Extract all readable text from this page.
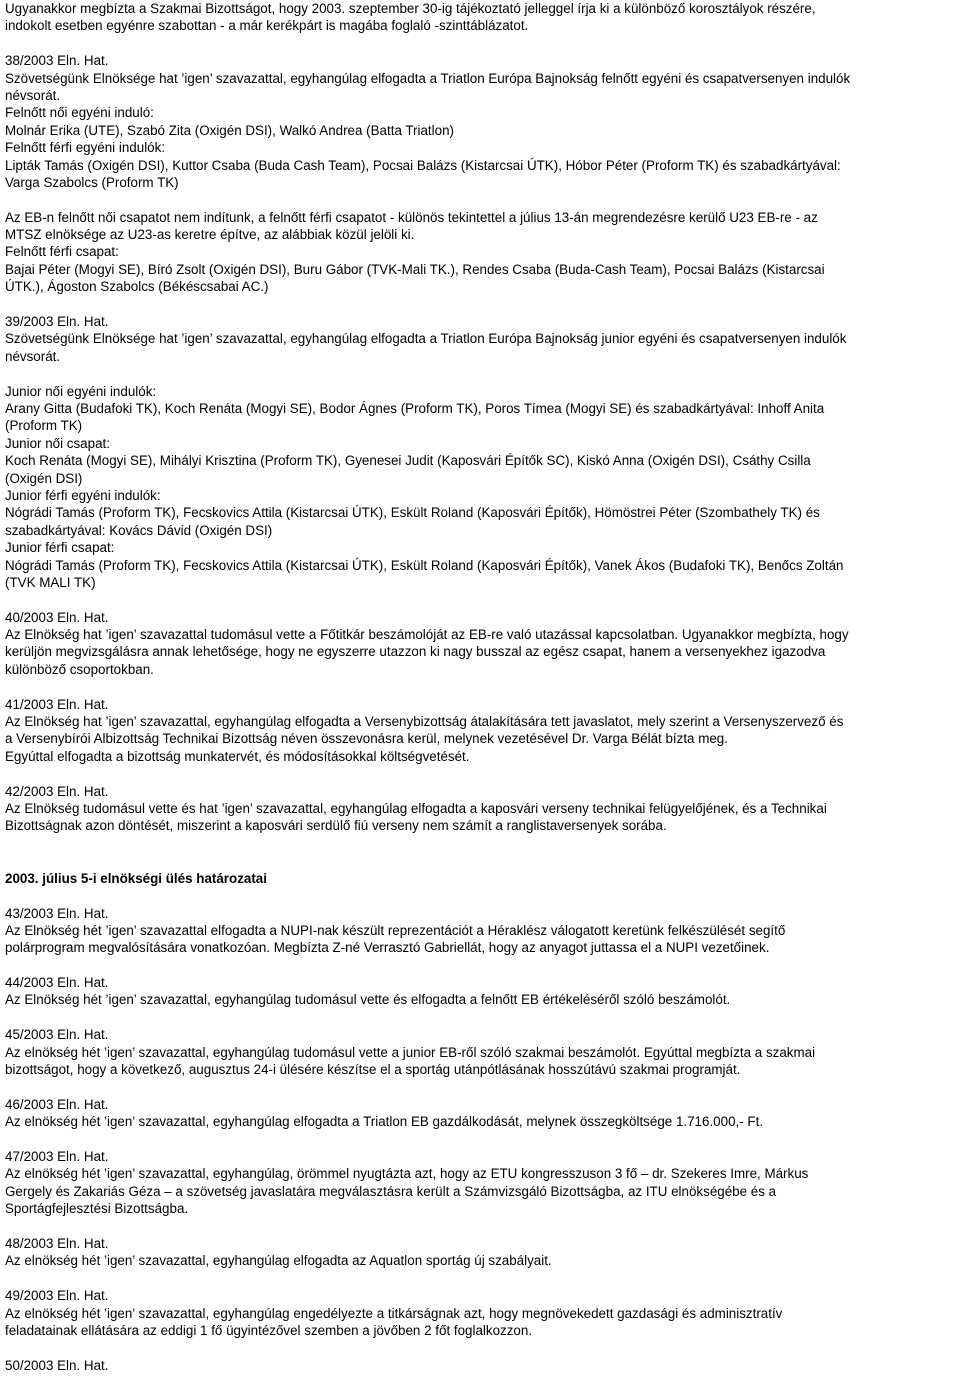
Ugyanakkor megbízta a Szakmai Bizottságot, hogy 2003. szeptember 30-ig tájékoztató jelleggel írja ki a különböző korosztályok részére,
indokolt esetben egyénre szabottan - a már kerékpárt is magába foglaló -szinttáblázatot.
38/2003 Eln. Hat.
Szövetségünk Elnöksége hat ’igen’ szavazattal, egyhangúlag elfogadta a Triatlon Európa Bajnokság felnőtt egyéni és csapatversenyen indulók
névsorát.
Felnőtt női egyéni induló:
Molnár Erika (UTE), Szabó Zita (Oxigén DSI), Walkó Andrea (Batta Triatlon)
Felnőtt férfi egyéni indulók:
Lipták Tamás (Oxigén DSI), Kuttor Csaba (Buda Cash Team), Pocsai Balázs (Kistarcsai ÚTK), Hóbor Péter (Proform TK) és szabadkártyával:
Varga Szabolcs (Proform TK)
Az EB-n felnőtt női csapatot nem indítunk, a felnőtt férfi csapatot - különös tekintettel a július 13-án megrendezésre kerülő U23 EB-re - az
MTSZ elnöksége az U23-as keretre építve, az alábbiak közül jelöli ki.
Felnőtt férfi csapat:
Bajai Péter (Mogyi SE), Bíró Zsolt (Oxigén DSI), Buru Gábor (TVK-Mali TK.), Rendes Csaba (Buda-Cash Team), Pocsai Balázs (Kistarcsai
ÚTK.), Ágoston Szabolcs (Békéscsabai AC.)
39/2003 Eln. Hat.
Szövetségünk Elnöksége hat ’igen’ szavazattal, egyhangúlag elfogadta a Triatlon Európa Bajnokság junior egyéni és csapatversenyen indulók
névsorát.
Junior női egyéni indulók:
Arany Gitta (Budafoki TK), Koch Renáta (Mogyi SE), Bodor Ágnes (Proform TK), Poros Tímea (Mogyi SE) és szabadkártyával: Inhoff Anita
(Proform TK)
Junior női csapat:
Koch Renáta (Mogyi SE), Mihályi Krisztina (Proform TK), Gyenesei Judit (Kaposvári Építők SC), Kiskó Anna (Oxigén DSI), Csáthy Csilla
(Oxigén DSI)
Junior férfi egyéni indulók:
Nógrádi Tamás (Proform TK), Fecskovics Attila (Kistarcsai ÚTK), Eskült Roland (Kaposvári Építők), Hömöstrei Péter (Szombathely TK) és
szabadkártyával: Kovács Dávid (Oxigén DSI)
Junior férfi csapat:
Nógrádi Tamás (Proform TK), Fecskovics Attila (Kistarcsai ÚTK), Eskült Roland (Kaposvári Építők), Vanek Ákos (Budafoki TK), Benőcs Zoltán
(TVK MALI TK)
40/2003 Eln. Hat.
Az Elnökség hat ’igen’ szavazattal tudomásul vette a Főtitkár beszámolóját az EB-re való utazással kapcsolatban. Ugyanakkor megbízta, hogy
kerüljön megvizsgálásra annak lehetősége, hogy ne egyszerre utazzon ki nagy busszal az egész csapat, hanem a versenyekhez igazodva
különböző csoportokban.
41/2003 Eln. Hat.
Az Elnökség hat ’igen’ szavazattal, egyhangúlag elfogadta a Versenybizottság átalakítására tett javaslatot, mely szerint a Versenyszervező és
a Versenybírói Albizottság Technikai Bizottság néven összevonásra kerül, melynek vezetésével Dr. Varga Bélát bízta meg.
Egyúttal elfogadta a bizottság munkatervét, és módosításokkal költségvetését.
42/2003 Eln. Hat.
Az Elnökség tudomásul vette és hat ’igen’ szavazattal, egyhangúlag elfogadta a kaposvári verseny technikai felügyelőjének, és a Technikai
Bizottságnak azon döntését, miszerint a kaposvári serdülő fiú verseny nem számít a ranglistaversenyek sorába.
2003. július 5-i elnökségi ülés határozatai
43/2003 Eln. Hat.
Az Elnökség hét ’igen’ szavazattal elfogadta a NUPI-nak készült reprezentációt a Héraklész válogatott keretünk felkészülését segítő
polárprogram megvalósítására vonatkozóan. Megbízta Z-né Verrasztó Gabriellát, hogy az anyagot juttassa el a NUPI vezetőinek.
44/2003 Eln. Hat.
Az Elnökség hét ’igen’ szavazattal, egyhangúlag tudomásul vette és elfogadta a felnőtt EB értékeléséről szóló beszámolót.
45/2003 Eln. Hat.
Az elnökség hét ’igen’ szavazattal, egyhangúlag tudomásul vette a junior EB-ről szóló szakmai beszámolót. Egyúttal megbízta a szakmai
bizottságot, hogy a következő, augusztus 24-i ülésére készítse el a sportág utánpótlásának hosszútávú szakmai programját.
46/2003 Eln. Hat.
Az elnökség hét ’igen’ szavazattal, egyhangúlag elfogadta a Triatlon EB gazdálkodását, melynek összegköltsége 1.716.000,- Ft.
47/2003 Eln. Hat.
Az elnökség hét ’igen’ szavazattal, egyhangúlag, örömmel nyugtázta azt, hogy az ETU kongresszuson 3 fő – dr. Szekeres Imre, Márkus
Gergely és Zakariás Géza – a szövetség javaslatára megválasztásra került a Számvizsgáló Bizottságba, az ITU elnökségébe és a
Sportágfejlesztési Bizottságba.
48/2003 Eln. Hat.
Az elnökség hét ’igen’ szavazattal, egyhangúlag elfogadta az Aquatlon sportág új szabályait.
49/2003 Eln. Hat.
Az elnökség hét ’igen’ szavazattal, egyhangúlag engedélyezte a titkárságnak azt, hogy megnövekedett gazdasági és adminisztratív
feladatainak ellátására az eddigi 1 fő ügyintézővel szemben a jövőben 2 főt foglalkozzon.
50/2003 Eln. Hat.
